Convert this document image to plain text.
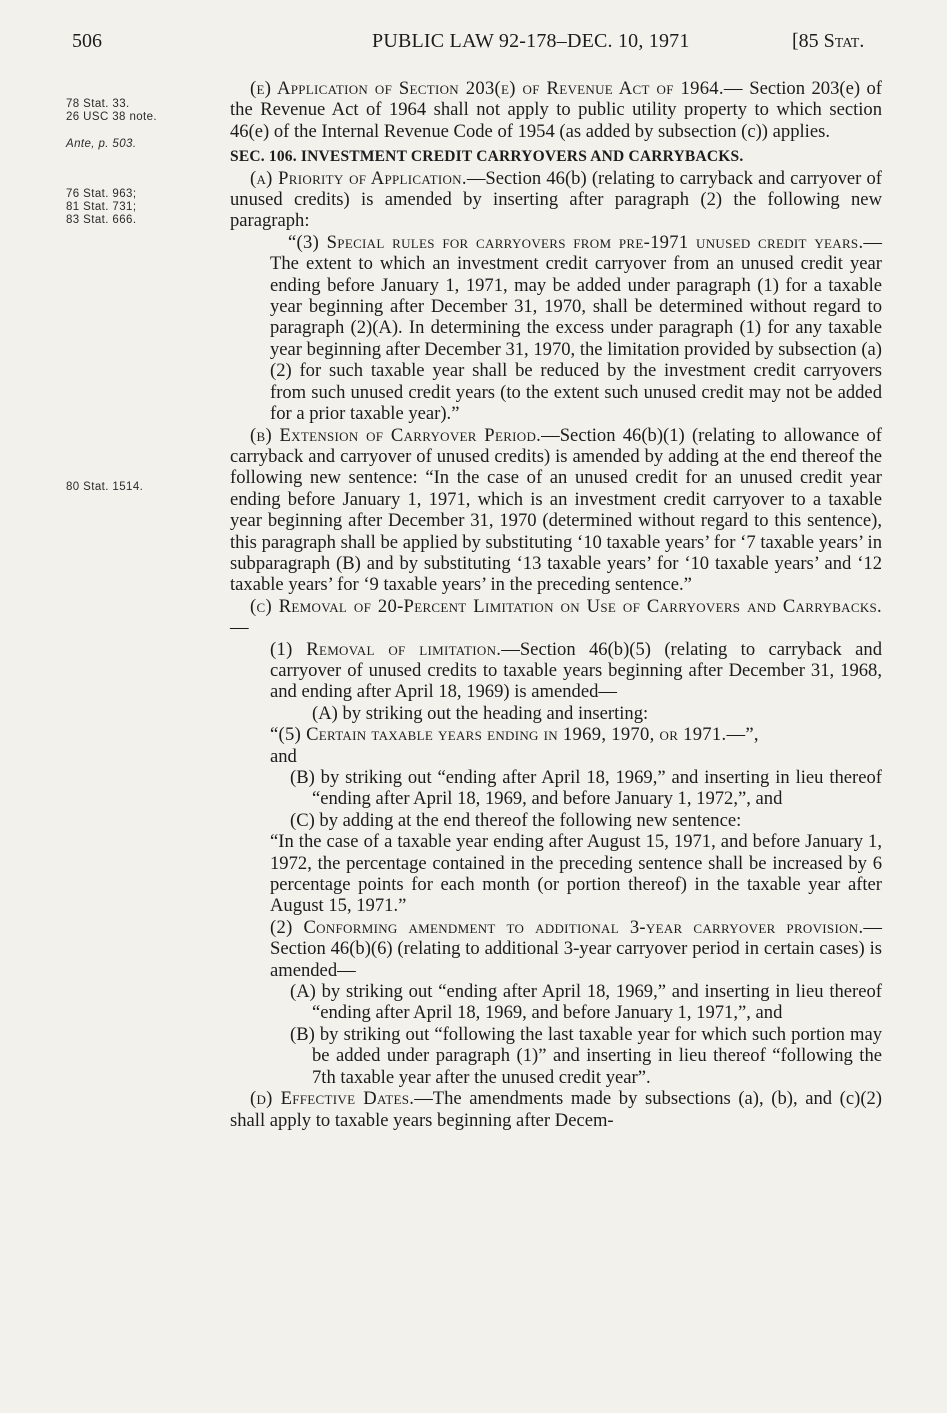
506	PUBLIC LAW 92-178–DEC. 10, 1971	[85 Stat.
78 Stat. 33.
26 USC 38 note.
Ante, p. 503.
76 Stat. 963;
81 Stat. 731;
83 Stat. 666.
80 Stat. 1514.

(e) Application of Section 203(e) of Revenue Act of 1964.— Section 203(e) of the Revenue Act of 1964 shall not apply to public utility property to which section 46(e) of the Internal Revenue Code of 1954 (as added by subsection (c)) applies.

SEC. 106. INVESTMENT CREDIT CARRYOVERS AND CARRYBACKS.

(a) Priority of Application.—Section 46(b) (relating to carryback and carryover of unused credits) is amended by inserting after paragraph (2) the following new paragraph:

“(3) Special rules for carryovers from pre-1971 unused credit years.—The extent to which an investment credit carryover from an unused credit year ending before January 1, 1971, may be added under paragraph (1) for a taxable year beginning after December 31, 1970, shall be determined without regard to paragraph (2)(A). In determining the excess under paragraph (1) for any taxable year beginning after December 31, 1970, the limitation provided by subsection (a)(2) for such taxable year shall be reduced by the investment credit carryovers from such unused credit years (to the extent such unused credit may not be added for a prior taxable year).”

(b) Extension of Carryover Period.—Section 46(b)(1) (relating to allowance of carryback and carryover of unused credits) is amended by adding at the end thereof the following new sentence: “In the case of an unused credit for an unused credit year ending before January 1, 1971, which is an investment credit carryover to a taxable year beginning after December 31, 1970 (determined without regard to this sentence), this paragraph shall be applied by substituting ‘10 taxable years’ for ‘7 taxable years’ in subparagraph (B) and by substituting ‘13 taxable years’ for ‘10 taxable years’ and ‘12 taxable years’ for ‘9 taxable years’ in the preceding sentence.”

(c) Removal of 20-Percent Limitation on Use of Carryovers and Carrybacks.—

(1) Removal of limitation.—Section 46(b)(5) (relating to carryback and carryover of unused credits to taxable years beginning after December 31, 1968, and ending after April 18, 1969) is amended—

(A) by striking out the heading and inserting:

“(5) Certain taxable years ending in 1969, 1970, or 1971.—”,
and

(B) by striking out “ending after April 18, 1969,” and inserting in lieu thereof “ending after April 18, 1969, and before January 1, 1972,”, and

(C) by adding at the end thereof the following new sentence:

“In the case of a taxable year ending after August 15, 1971, and before January 1, 1972, the percentage contained in the preceding sentence shall be increased by 6 percentage points for each month (or portion thereof) in the taxable year after August 15, 1971.”

(2) Conforming amendment to additional 3-year carryover provision.—Section 46(b)(6) (relating to additional 3-year carryover period in certain cases) is amended—

(A) by striking out “ending after April 18, 1969,” and inserting in lieu thereof “ending after April 18, 1969, and before January 1, 1971,”, and

(B) by striking out “following the last taxable year for which such portion may be added under paragraph (1)” and inserting in lieu thereof “following the 7th taxable year after the unused credit year”.

(d) Effective Dates.—The amendments made by subsections (a), (b), and (c)(2) shall apply to taxable years beginning after Decem-
